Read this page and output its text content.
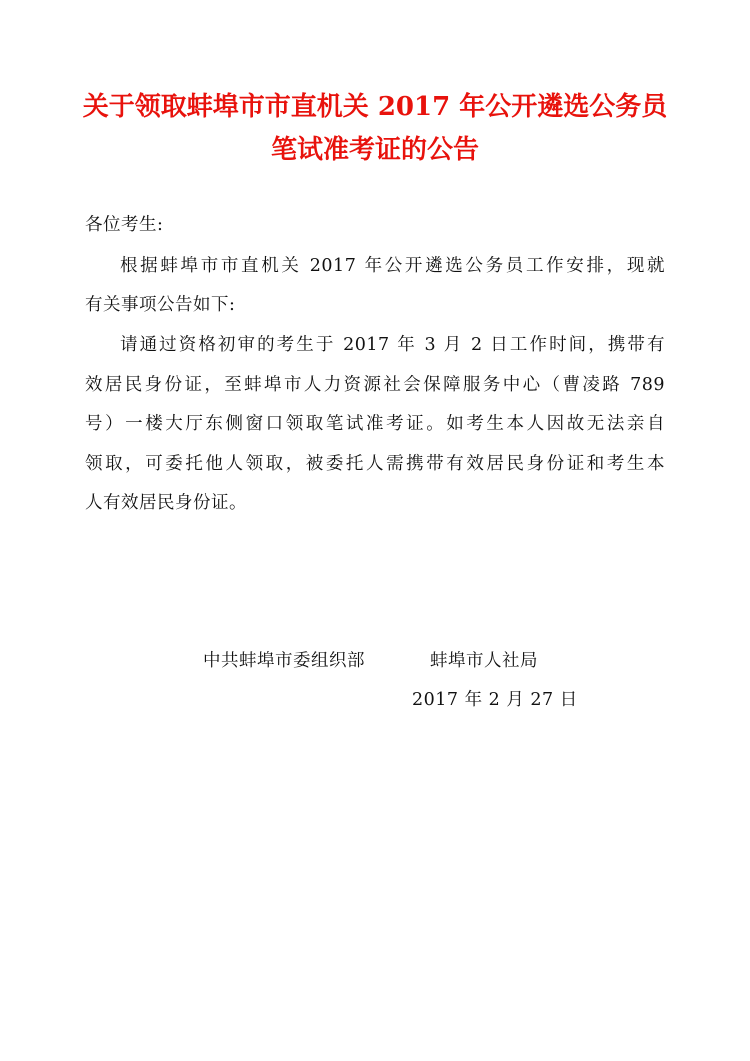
关于领取蚌埠市市直机关 2017 年公开遴选公务员
笔试准考证的公告
各位考生:
根据蚌埠市市直机关 2017 年公开遴选公务员工作安排，现就
有关事项公告如下:
请通过资格初审的考生于 2017 年 3 月 2 日工作时间，携带有
效居民身份证，至蚌埠市人力资源社会保障服务中心（曹凌路 789
号）一楼大厅东侧窗口领取笔试准考证。如考生本人因故无法亲自
领取，可委托他人领取，被委托人需携带有效居民身份证和考生本
人有效居民身份证。
中共蚌埠市委组织部	蚌埠市人社局
2017 年 2 月 27 日
